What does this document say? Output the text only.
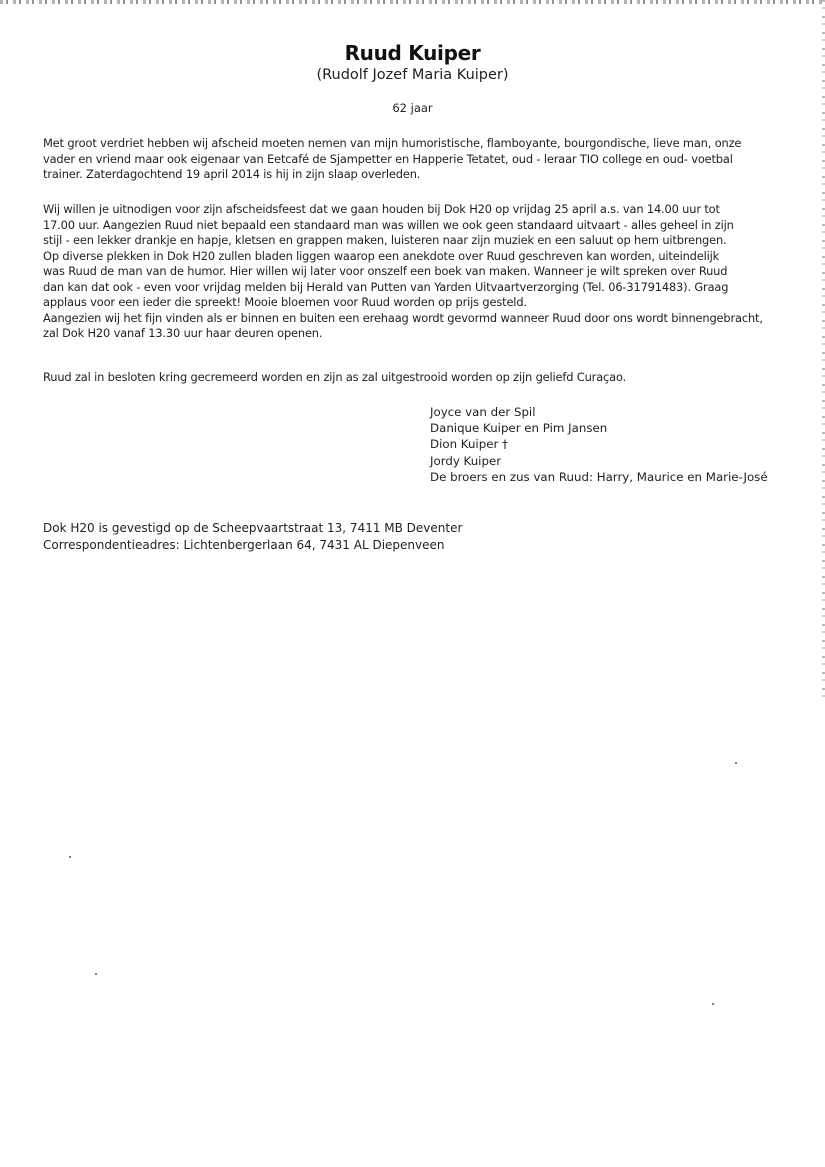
Ruud Kuiper
(Rudolf Jozef Maria Kuiper)
62 jaar
Met groot verdriet hebben wij afscheid moeten nemen van mijn humoristische, flamboyante, bourgondische, lieve man, onze
vader en vriend maar ook eigenaar van Eetcafé de Sjampetter en Happerie Tetatet, oud - leraar TIO college en oud- voetbal
trainer. Zaterdagochtend 19 april 2014 is hij in zijn slaap overleden.
Wij willen je uitnodigen voor zijn afscheidsfeest dat we gaan houden bij Dok H20 op vrijdag 25 april a.s. van 14.00 uur tot
17.00 uur. Aangezien Ruud niet bepaald een standaard man was willen we ook geen standaard uitvaart - alles geheel in zijn
stijl - een lekker drankje en hapje, kletsen en grappen maken, luisteren naar zijn muziek en een saluut op hem uitbrengen.
Op diverse plekken in Dok H20 zullen bladen liggen waarop een anekdote over Ruud geschreven kan worden, uiteindelijk
was Ruud de man van de humor. Hier willen wij later voor onszelf een boek van maken. Wanneer je wilt spreken over Ruud
dan kan dat ook - even voor vrijdag melden bij Herald van Putten van Yarden Uitvaartverzorging (Tel. 06-31791483). Graag
applaus voor een ieder die spreekt! Mooie bloemen voor Ruud worden op prijs gesteld.
Aangezien wij het fijn vinden als er binnen en buiten een erehaag wordt gevormd wanneer Ruud door ons wordt binnengebracht,
zal Dok H20 vanaf 13.30 uur haar deuren openen.
Ruud zal in besloten kring gecremeerd worden en zijn as zal uitgestrooid worden op zijn geliefd Curaçao.
Joyce van der Spil
Danique Kuiper en Pim Jansen
Dion Kuiper †
Jordy Kuiper
De broers en zus van Ruud: Harry, Maurice en Marie-José
Dok H20 is gevestigd op de Scheepvaartstraat 13, 7411 MB Deventer
Correspondentieadres: Lichtenbergerlaan 64, 7431 AL Diepenveen
